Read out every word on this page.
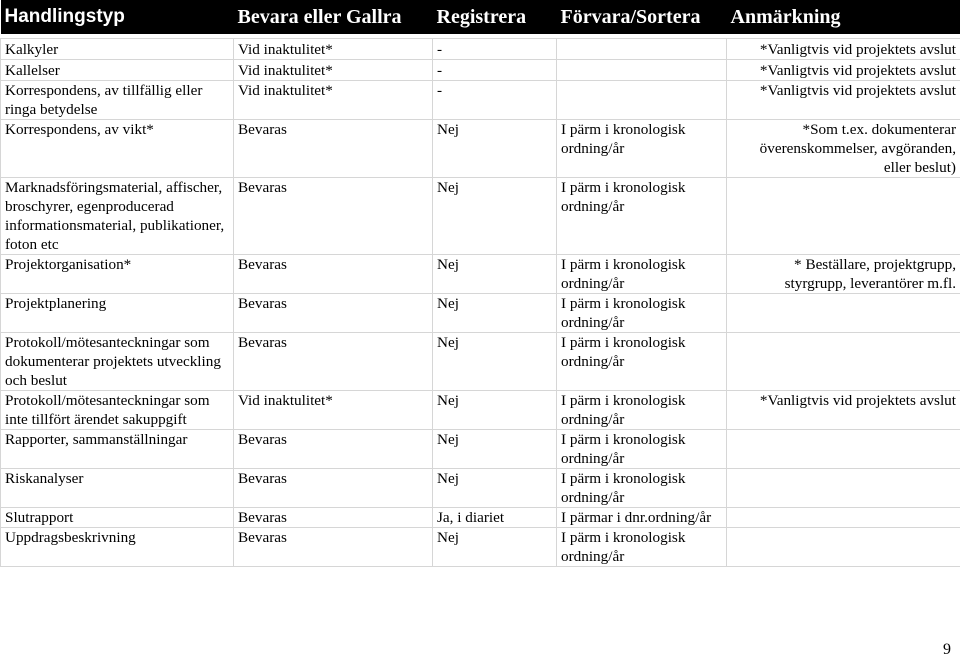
Handlingstyp	Bevara eller Gallra	Registrera	Förvara/Sortera	Anmärkning

Kalkyler	Vid inaktulitet*	-		*Vanligtvis vid projektets avslut
Kallelser	Vid inaktulitet*	-		*Vanligtvis vid projektets avslut
Korrespondens, av tillfällig eller ringa betydelse	Vid inaktulitet*	-		*Vanligtvis vid projektets avslut
Korrespondens, av vikt*	Bevaras	Nej	I pärm i kronologisk ordning/år	*Som t.ex. dokumenterar överenskommelser, avgöranden, eller beslut)
Marknadsföringsmaterial, affischer, broschyrer, egenproducerad informationsmaterial, publikationer, foton etc	Bevaras	Nej	I pärm i kronologisk ordning/år	
Projektorganisation*	Bevaras	Nej	I pärm i kronologisk ordning/år	* Beställare, projektgrupp, styrgrupp, leverantörer m.fl.
Projektplanering	Bevaras	Nej	I pärm i kronologisk ordning/år	
Protokoll/mötesanteckningar som dokumenterar projektets utveckling och beslut	Bevaras	Nej	I pärm i kronologisk ordning/år	
Protokoll/mötesanteckningar som inte tillfört ärendet sakuppgift	Vid inaktulitet*	Nej	I pärm i kronologisk ordning/år	*Vanligtvis vid projektets avslut
Rapporter, sammanställningar	Bevaras	Nej	I pärm i kronologisk ordning/år	
Riskanalyser	Bevaras	Nej	I pärm i kronologisk ordning/år	
Slutrapport	Bevaras	Ja, i diariet	I pärmar i dnr.ordning/år	
Uppdragsbeskrivning	Bevaras	Nej	I pärm i kronologisk ordning/år	
9
